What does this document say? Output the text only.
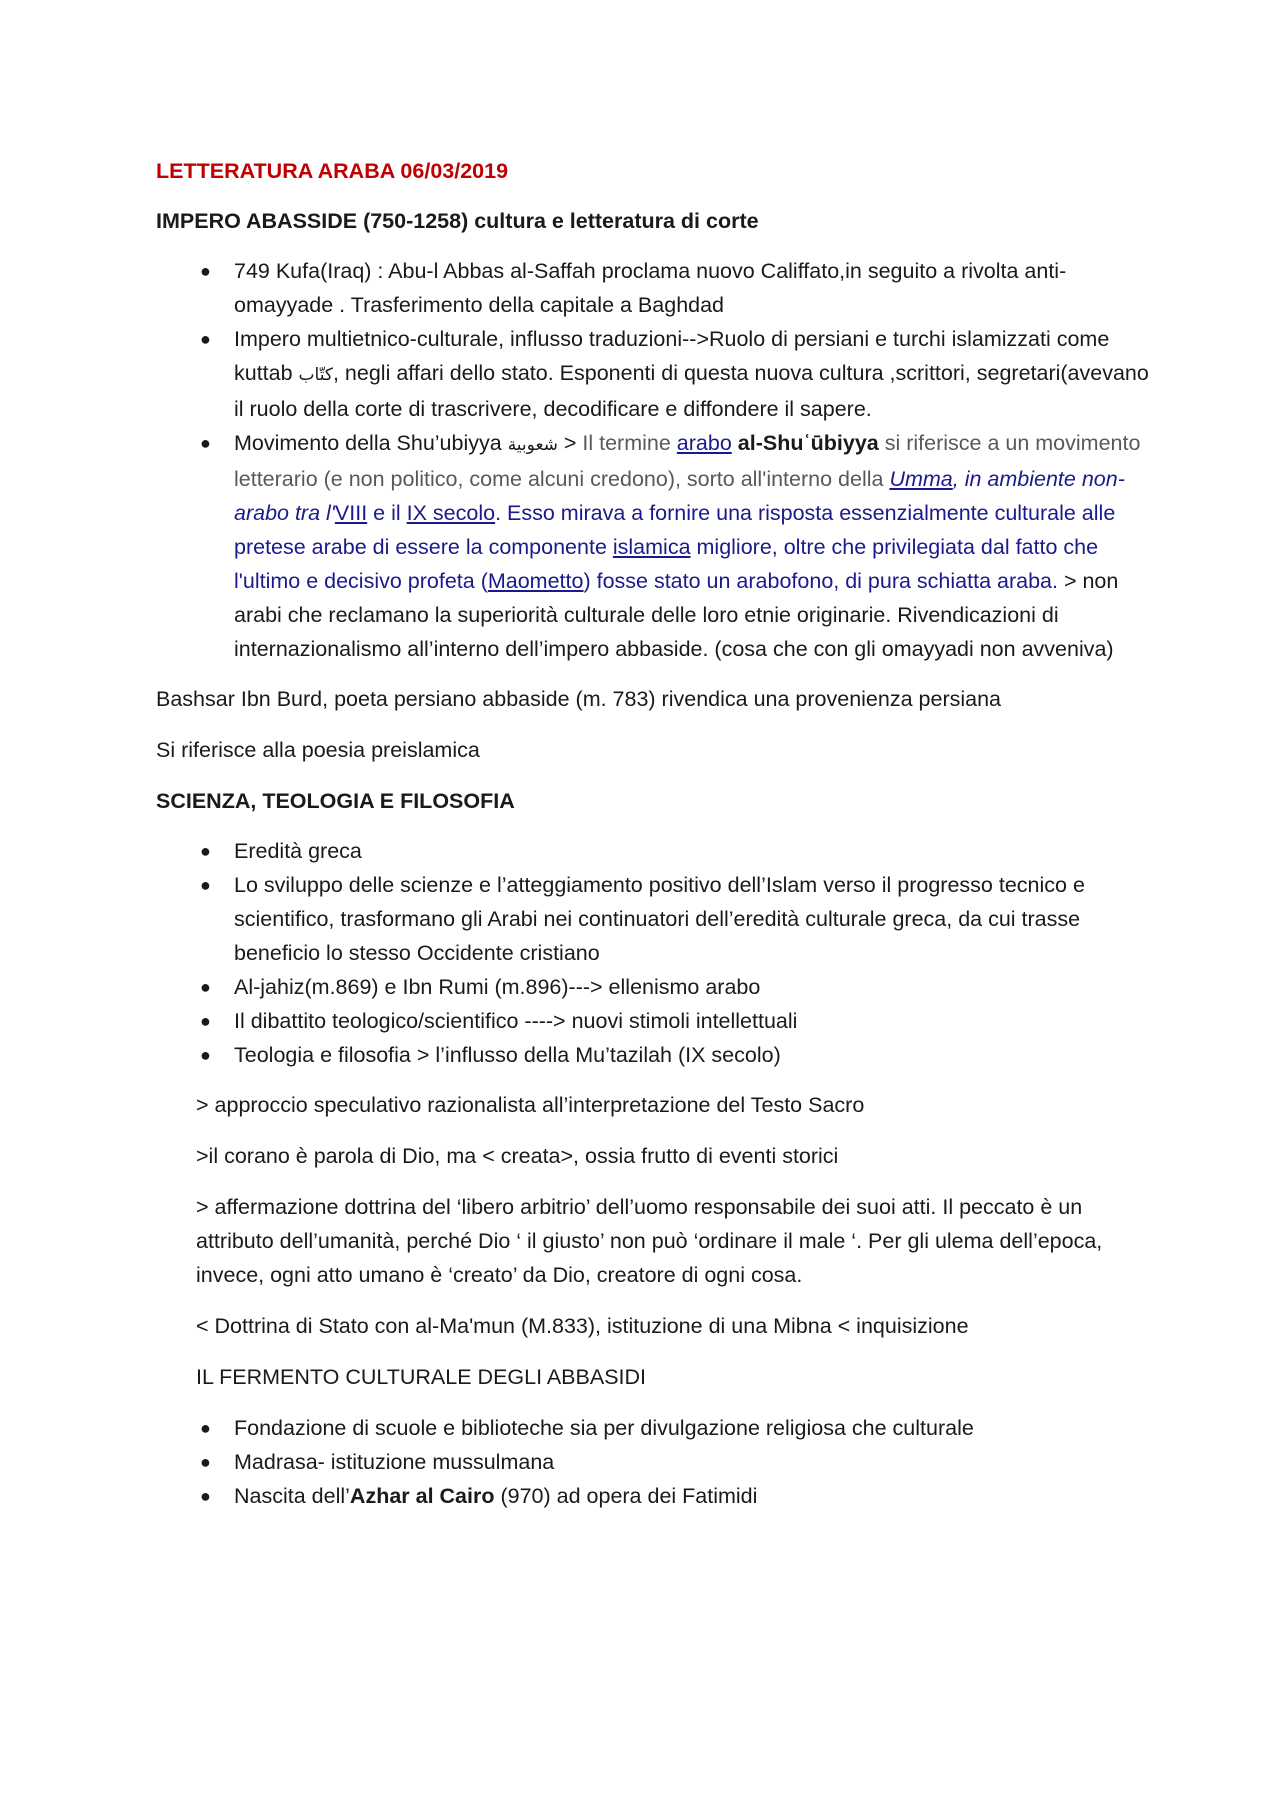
LETTERATURA ARABA 06/03/2019

IMPERO ABASSIDE (750-1258) cultura e letteratura di corte

● 749 Kufa(Iraq) : Abu-l Abbas al-Saffah proclama nuovo Califfato,in seguito a rivolta anti-omayyade . Trasferimento della capitale a Baghdad
● Impero multietnico-culturale, influsso traduzioni-->Ruolo di persiani e turchi islamizzati come kuttab كتّاب, negli affari dello stato. Esponenti di questa nuova cultura ,scrittori, segretari(avevano il ruolo della corte di trascrivere, decodificare e diffondere il sapere.
● Movimento della Shu’ubiyya شعوبية > Il termine arabo al-Shuʿūbiyya si riferisce a un movimento letterario (e non politico, come alcuni credono), sorto all'interno della Umma, in ambiente non-arabo tra l'VIII e il IX secolo. Esso mirava a fornire una risposta essenzialmente culturale alle pretese arabe di essere la componente islamica migliore, oltre che privilegiata dal fatto che l'ultimo e decisivo profeta (Maometto) fosse stato un arabofono, di pura schiatta araba. > non arabi che reclamano la superiorità culturale delle loro etnie originarie. Rivendicazioni di internazionalismo all’interno dell’impero abbaside. (cosa che con gli omayyadi non avveniva)

Bashsar Ibn Burd, poeta persiano abbaside (m. 783) rivendica una provenienza persiana

Si riferisce alla poesia preislamica

SCIENZA, TEOLOGIA E FILOSOFIA

● Eredità greca
● Lo sviluppo delle scienze e l’atteggiamento positivo dell’Islam verso il progresso tecnico e scientifico, trasformano gli Arabi nei continuatori dell’eredità culturale greca, da cui trasse beneficio lo stesso Occidente cristiano
● Al-jahiz(m.869) e Ibn Rumi (m.896)---> ellenismo arabo
● Il dibattito teologico/scientifico ----> nuovi stimoli intellettuali
● Teologia e filosofia > l’influsso della Mu’tazilah (IX secolo)

> approccio speculativo razionalista all’interpretazione del Testo Sacro

>il corano è parola di Dio, ma < creata>, ossia frutto di eventi storici

> affermazione dottrina del ‘libero arbitrio’ dell’uomo responsabile dei suoi atti. Il peccato è un attributo dell’umanità, perché Dio ‘ il giusto’ non può ‘ordinare il male ‘. Per gli ulema dell’epoca, invece, ogni atto umano è ‘creato’ da Dio, creatore di ogni cosa.

< Dottrina di Stato con al-Ma'mun (M.833), istituzione di una Mibna < inquisizione

IL FERMENTO CULTURALE DEGLI ABBASIDI

● Fondazione di scuole e biblioteche sia per divulgazione religiosa che culturale
● Madrasa- istituzione mussulmana
● Nascita dell’Azhar al Cairo (970) ad opera dei Fatimidi
